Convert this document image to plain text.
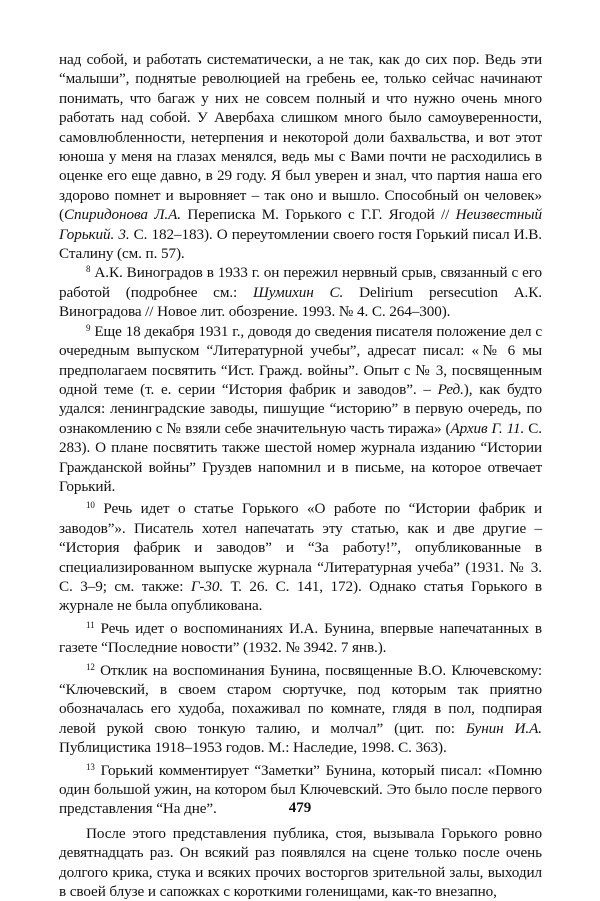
над собой, и работать систематически, а не так, как до сих пор. Ведь эти “малыши”, поднятые революцией на гребень ее, только сейчас начинают понимать, что багаж у них не совсем полный и что нужно очень много работать над собой. У Авербаха слишком много было самоуверенности, самовлюбленности, нетерпения и некоторой доли бахвальства, и вот этот юноша у меня на глазах менялся, ведь мы с Вами почти не расходились в оценке его еще давно, в 29 году. Я был уверен и знал, что партия наша его здорово помнет и выровняет – так оно и вышло. Способный он человек» (Спиридонова Л.А. Переписка М. Горького с Г.Г. Ягодой // Неизвестный Горький. 3. С. 182–183). О переутомлении своего гостя Горький писал И.В. Сталину (см. п. 57).

$^8$ А.К. Виноградов в 1933 г. он пережил нервный срыв, связанный с его работой (подробнее см.: Шумихин С. Delirium persecution А.К. Виноградова // Новое лит. обозрение. 1993. № 4. С. 264–300).

$^9$ Еще 18 декабря 1931 г., доводя до сведения писателя положение дел с очередным выпуском “Литературной учебы”, адресат писал: «№ 6 мы предполагаем посвятить “Ист. Гражд. войны”. Опыт с № 3, посвященным одной теме (т. е. серии “История фабрик и заводов”. – Ред.), как будто удался: ленинградские заводы, пишущие “историю” в первую очередь, по ознакомлению с № взяли себе значительную часть тиража» (Архив Г. 11. С. 283). О плане посвятить также шестой номер журнала изданию “Истории Гражданской войны” Груздев напомнил и в письме, на которое отвечает Горький.

$^{10}$ Речь идет о статье Горького «О работе по “Истории фабрик и заводов”». Писатель хотел напечатать эту статью, как и две другие – “История фабрик и заводов” и “За работу!”, опубликованные в специализированном выпуске журнала “Литературная учеба” (1931. № 3. С. 3–9; см. также: Г-30. Т. 26. С. 141, 172). Однако статья Горького в журнале не была опубликована.

$^{11}$ Речь идет о воспоминаниях И.А. Бунина, впервые напечатанных в газете “Последние новости” (1932. № 3942. 7 янв.).

$^{12}$ Отклик на воспоминания Бунина, посвященные В.О. Ключевскому: “Ключевский, в своем старом сюртучке, под которым так приятно обозначалась его худоба, похаживал по комнате, глядя в пол, подпирая левой рукой свою тонкую талию, и молчал” (цит. по: Бунин И.А. Публицистика 1918–1953 годов. М.: Наследие, 1998. С. 363).

$^{13}$ Горький комментирует “Заметки” Бунина, который писал: «Помню один большой ужин, на котором был Ключевский. Это было после первого представления “На дне”.

После этого представления публика, стоя, вызывала Горького ровно девятнадцать раз. Он всякий раз появлялся на сцене только после очень долгого крика, стука и всяких прочих восторгов зрительной залы, выходил в своей блузе и сапожках с короткими голенищами, как-то внезапно,

479
